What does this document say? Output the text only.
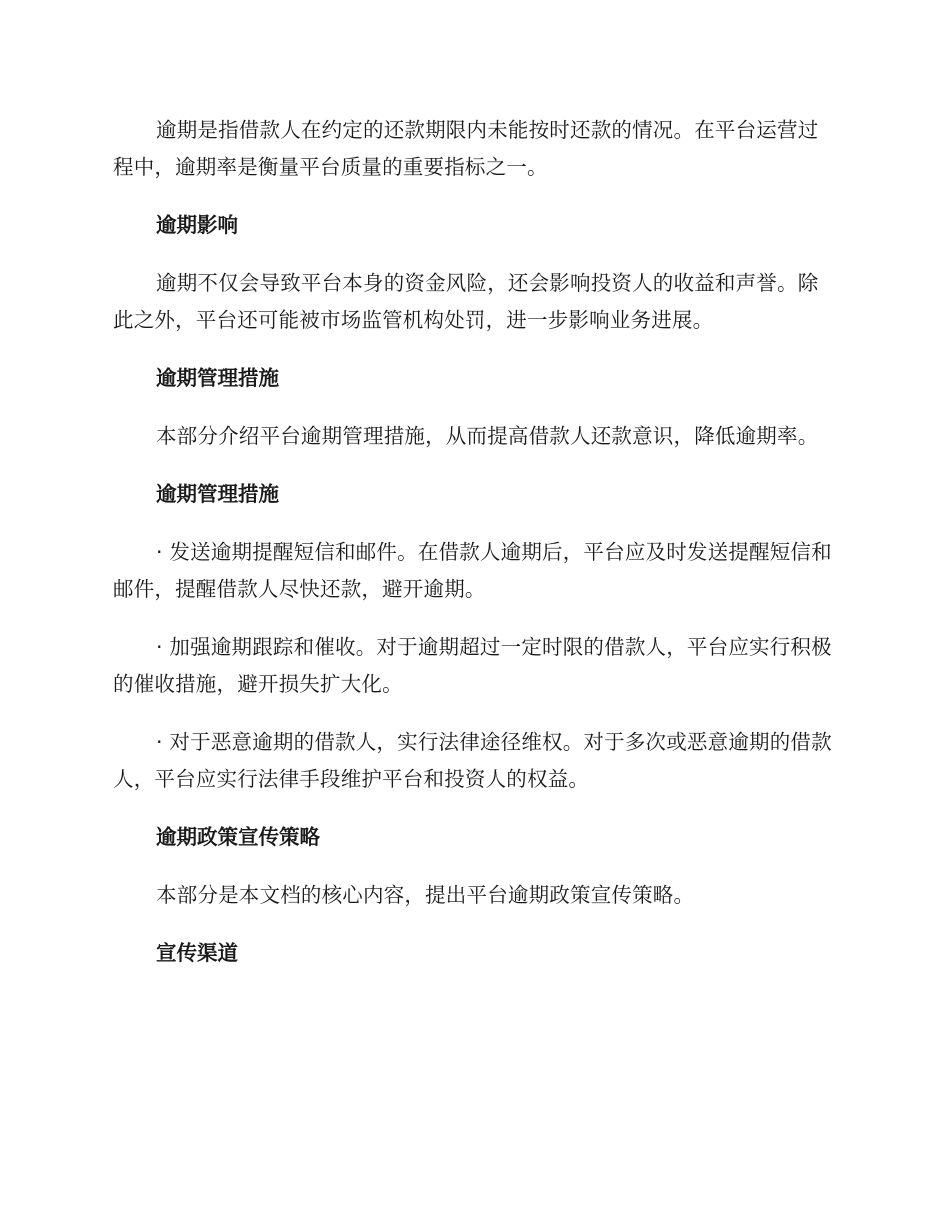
逾期是指借款人在约定的还款期限内未能按时还款的情况。在平台运营过程中，逾期率是衡量平台质量的重要指标之一。

逾期影响

逾期不仅会导致平台本身的资金风险，还会影响投资人的收益和声誉。除此之外，平台还可能被市场监管机构处罚，进一步影响业务进展。

逾期管理措施

本部分介绍平台逾期管理措施，从而提高借款人还款意识，降低逾期率。

逾期管理措施

· 发送逾期提醒短信和邮件。在借款人逾期后，平台应及时发送提醒短信和邮件，提醒借款人尽快还款，避开逾期。

· 加强逾期跟踪和催收。对于逾期超过一定时限的借款人，平台应实行积极的催收措施，避开损失扩大化。

· 对于恶意逾期的借款人，实行法律途径维权。对于多次或恶意逾期的借款人，平台应实行法律手段维护平台和投资人的权益。

逾期政策宣传策略

本部分是本文档的核心内容，提出平台逾期政策宣传策略。

宣传渠道
